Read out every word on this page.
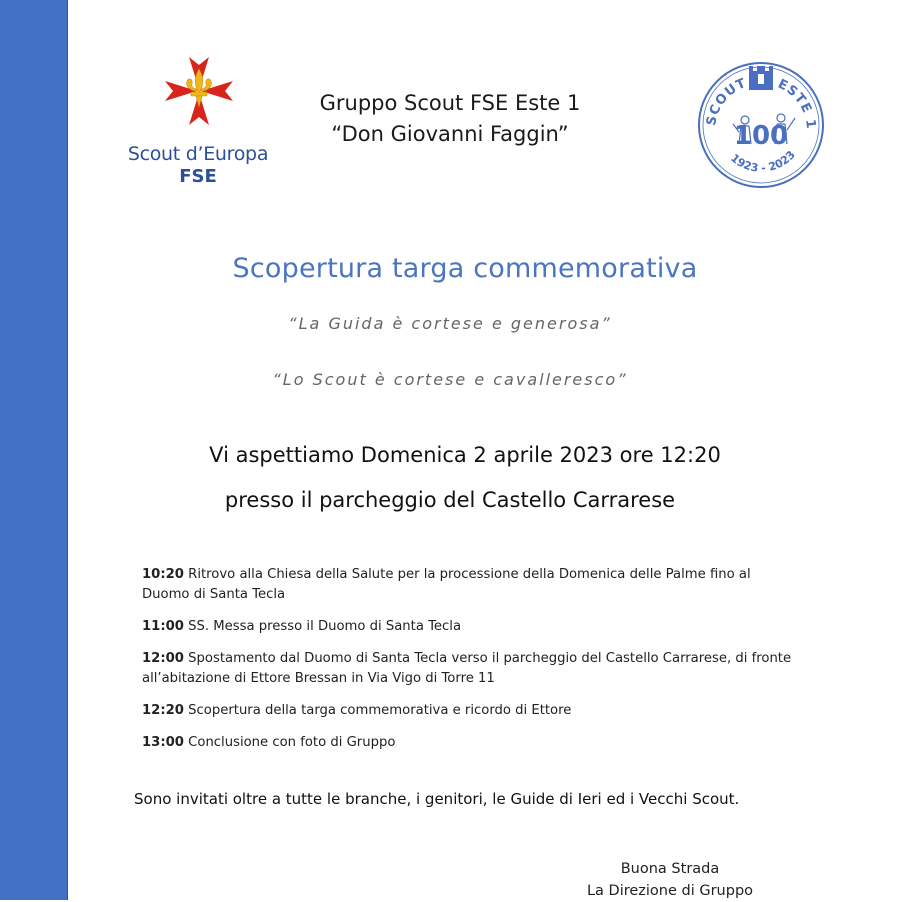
Scout d’Europa
FSE
Gruppo Scout FSE Este 1
“Don Giovanni Faggin”
SCOUT ESTE 1
100
1923 - 2023
Scopertura targa commemorativa
“La Guida è cortese e generosa”
“Lo Scout è cortese e cavalleresco”
Vi aspettiamo Domenica 2 aprile 2023 ore 12:20
presso il parcheggio del Castello Carrarese
10:20 Ritrovo alla Chiesa della Salute per la processione della Domenica delle Palme fino al Duomo di Santa Tecla
11:00 SS. Messa presso il Duomo di Santa Tecla
12:00 Spostamento dal Duomo di Santa Tecla verso il parcheggio del Castello Carrarese, di fronte all’abitazione di Ettore Bressan in Via Vigo di Torre 11
12:20 Scopertura della targa commemorativa e ricordo di Ettore
13:00 Conclusione con foto di Gruppo
Sono invitati oltre a tutte le branche, i genitori, le Guide di Ieri ed i Vecchi Scout.
Buona Strada
La Direzione di Gruppo
